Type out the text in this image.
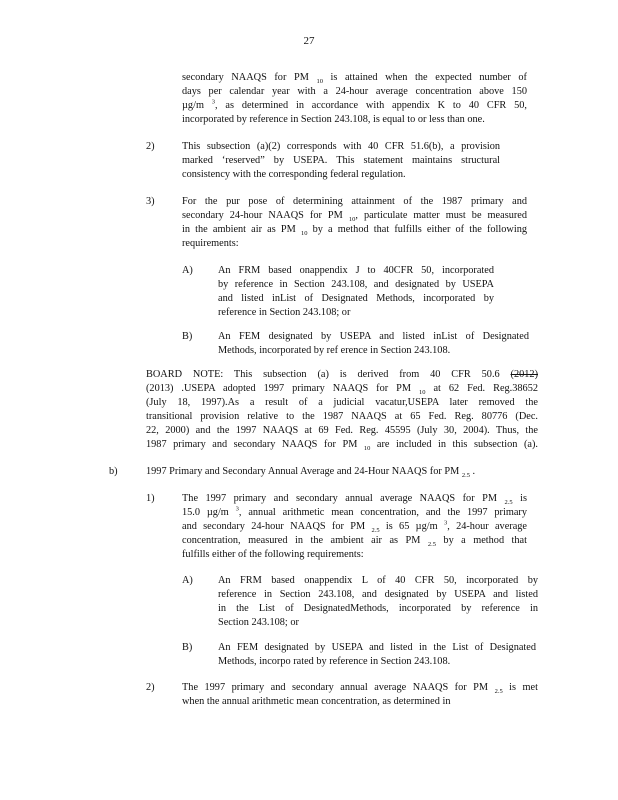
27
secondary NAAQS for PM $_{10}$ is attained when the expected number of
days per calendar year with a 24-hour average concentration above 150
µg/m $^3$, as determined in accordance with appendix K to 40 CFR 50,
incorporated by reference in Section 243.108, is equal to or less than one.
2)	This subsection (a)(2) corresponds with 40 CFR 51.6(b), a provision
marked ‘reserved” by USEPA. This statement maintains structural
consistency with the corresponding federal regulation.
3)	For the pur pose of determining attainment of the 1987 primary and
secondary 24-hour NAAQS for PM $_{10}$, particulate matter must be measured
in the ambient air as PM $_{10}$ by a method that fulfills either of the following
requirements:
A) An FRM based onappendix J to 40CFR 50, incorporated
by reference in Section 243.108, and designated by USEPA
and listed inList of Designated Methods, incorporated by
reference in Section 243.108; or
B) An FEM designated by USEPA and listed inList of Designated
Methods, incorporated by ref erence in Section 243.108.
BOARD NOTE: This subsection (a) is derived from 40 CFR 50.6 (2012)
(2013) .USEPA adopted 1997 primary NAAQS for PM $_{10}$ at 62 Fed. Reg.38652
(July 18, 1997).As a result of a judicial vacatur,USEPA later removed the
transitional provision relative to the 1987 NAAQS at 65 Fed. Reg. 80776 (Dec.
22, 2000) and the 1997 NAAQS at 69 Fed. Reg. 45595 (July 30, 2004). Thus, the
1987 primary and secondary NAAQS for PM $_{10}$ are included in this subsection (a).
b)	1997 Primary and Secondary Annual Average and 24-Hour NAAQS for PM $_{2.5}$ .
1)	The 1997 primary and secondary annual average NAAQS for PM $_{2.5}$ is
15.0 µg/m $^3$, annual arithmetic mean concentration, and the 1997 primary
and secondary 24-hour NAAQS for PM $_{2.5}$ is 65 µg/m $^3$, 24-hour average
concentration, measured in the ambient air as PM $_{2.5}$ by a method that
fulfills either of the following requirements:
A) An FRM based onappendix L of 40 CFR 50, incorporated by
reference in Section 243.108, and designated by USEPA and listed
in the List of DesignatedMethods, incorporated by reference in
Section 243.108; or
B) An FEM designated by USEPA and listed in the List of Designated
Methods, incorpo rated by reference in Section 243.108.
2)	The 1997 primary and secondary annual average NAAQS for PM $_{2.5}$ is met
when the annual arithmetic mean concentration, as determined in
